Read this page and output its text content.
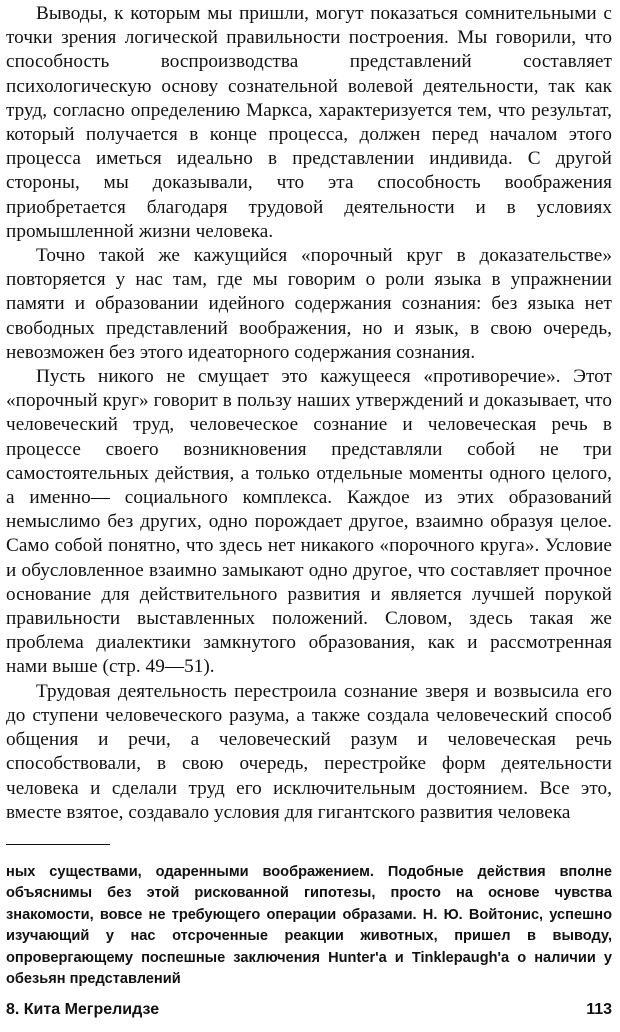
Выводы, к которым мы пришли, могут показаться сомнительными с точки зрения логической правильности построения. Мы говорили, что способность воспроизводства представлений составляет психологическую основу сознательной волевой деятельности, так как труд, согласно определению Маркса, характеризуется тем, что результат, который получается в конце процесса, должен перед началом этого процесса иметься идеально в представлении индивида. С другой стороны, мы доказывали, что эта способность воображения приобретается благодаря трудовой деятельности и в условиях промышленной жизни человека.

Точно такой же кажущийся «порочный круг в доказательстве» повторяется у нас там, где мы говорим о роли языка в упражнении памяти и образовании идейного содержания сознания: без языка нет свободных представлений воображения, но и язык, в свою очередь, невозможен без этого идеаторного содержания сознания.

Пусть никого не смущает это кажущееся «противоречие». Этот «порочный круг» говорит в пользу наших утверждений и доказывает, что человеческий труд, человеческое сознание и человеческая речь в процессе своего возникновения представляли собой не три самостоятельных действия, а только отдельные моменты одного целого, а именно— социального комплекса. Каждое из этих образований немыслимо без других, одно порождает другое, взаимно образуя целое. Само собой понятно, что здесь нет никакого «порочного круга». Условие и обусловленное взаимно замыкают одно другое, что составляет прочное основание для действительного развития и является лучшей порукой правильности выставленных положений. Словом, здесь такая же проблема диалектики замкнутого образования, как и рассмотренная нами выше (стр. 49—51).

Трудовая деятельность перестроила сознание зверя и возвысила его до ступени человеческого разума, а также создала человеческий способ общения и речи, а человеческий разум и человеческая речь способствовали, в свою очередь, перестройке форм деятельности человека и сделали труд его исключительным достоянием. Все это, вместе взятое, создавало условия для гигантского развития человека

ных существами, одаренными воображением. Подобные действия вполне объяснимы без этой рискованной гипотезы, просто на основе чувства знакомости, вовсе не требующего операции образами. Н. Ю. Войтонис, успешно изучающий у нас отсроченные реакции животных, пришел в выводу, опровергающему поспешные заключения Hunter'a и Tinklepaugh'a о наличии у обезьян представлений

8. Кита Мегрелидзе	113
